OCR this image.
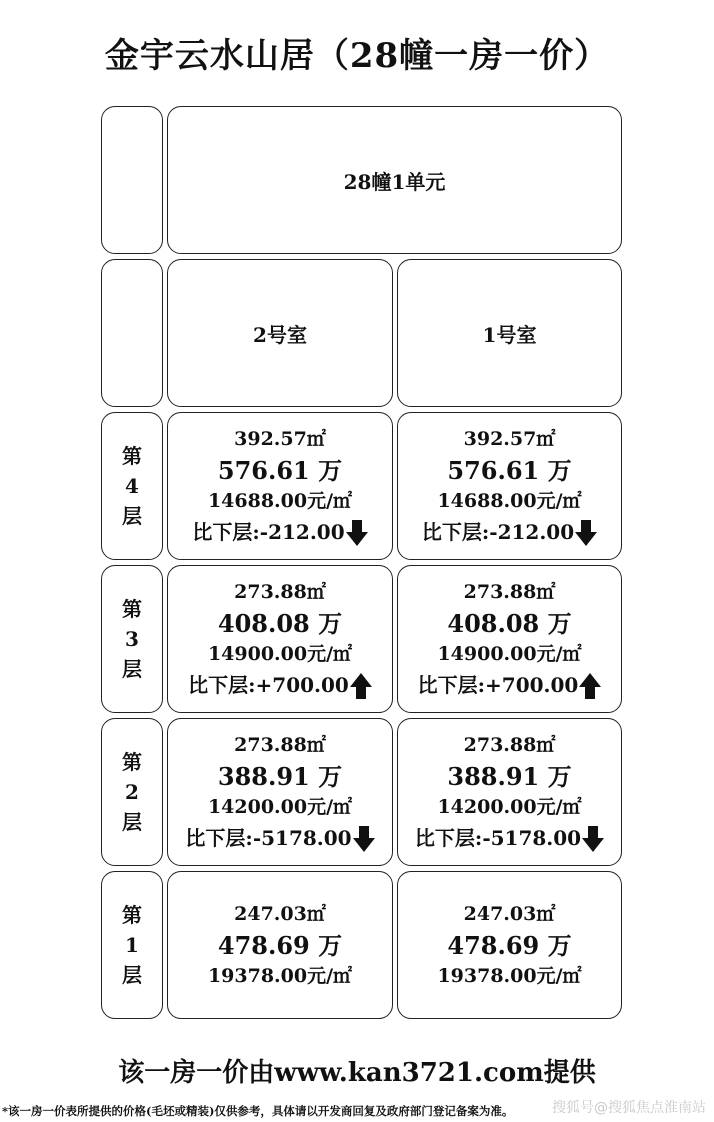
金宇云水山居（28幢一房一价）
28幢1单元
2号室	1号室
第
4
层
392.57㎡
576.61 万
14688.00元/㎡
比下层: -212.00
392.57㎡
576.61 万
14688.00元/㎡
比下层: -212.00
第
3
层
273.88㎡
408.08 万
14900.00元/㎡
比下层: +700.00
273.88㎡
408.08 万
14900.00元/㎡
比下层: +700.00
第
2
层
273.88㎡
388.91 万
14200.00元/㎡
比下层: -5178.00
273.88㎡
388.91 万
14200.00元/㎡
比下层: -5178.00
第
1
层
247.03㎡
478.69 万
19378.00元/㎡
247.03㎡
478.69 万
19378.00元/㎡
该一房一价由www.kan3721.com提供
*该一房一价表所提供的价格(毛坯或精装)仅供参考，具体请以开发商回复及政府部门登记备案为准。	搜狐号@搜狐焦点淮南站
